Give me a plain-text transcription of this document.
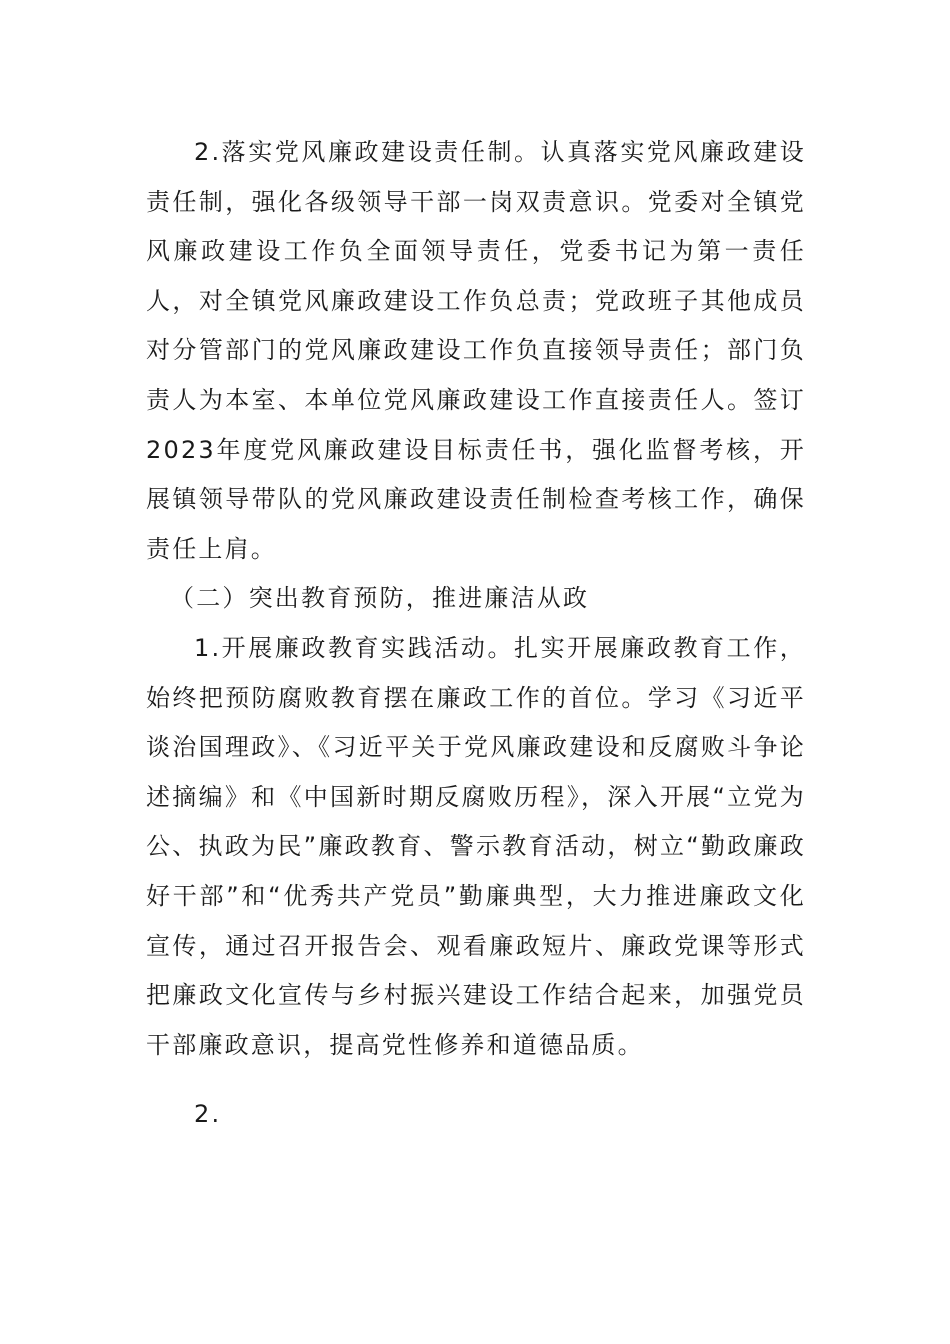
2.落实党风廉政建设责任制。认真落实党风廉政建设责任制，强化各级领导干部一岗双责意识。党委对全镇党风廉政建设工作负全面领导责任，党委书记为第一责任人，对全镇党风廉政建设工作负总责；党政班子其他成员对分管部门的党风廉政建设工作负直接领导责任；部门负责人为本室、本单位党风廉政建设工作直接责任人。签订2023年度党风廉政建设目标责任书，强化监督考核，开展镇领导带队的党风廉政建设责任制检查考核工作，确保责任上肩。

（二）突出教育预防，推进廉洁从政

1.开展廉政教育实践活动。扎实开展廉政教育工作，始终把预防腐败教育摆在廉政工作的首位。学习《习近平谈治国理政》、《习近平关于党风廉政建设和反腐败斗争论述摘编》和《中国新时期反腐败历程》，深入开展“立党为公、执政为民”廉政教育、警示教育活动，树立“勤政廉政好干部”和“优秀共产党员”勤廉典型，大力推进廉政文化宣传，通过召开报告会、观看廉政短片、廉政党课等形式把廉政文化宣传与乡村振兴建设工作结合起来，加强党员干部廉政意识，提高党性修养和道德品质。

2.
